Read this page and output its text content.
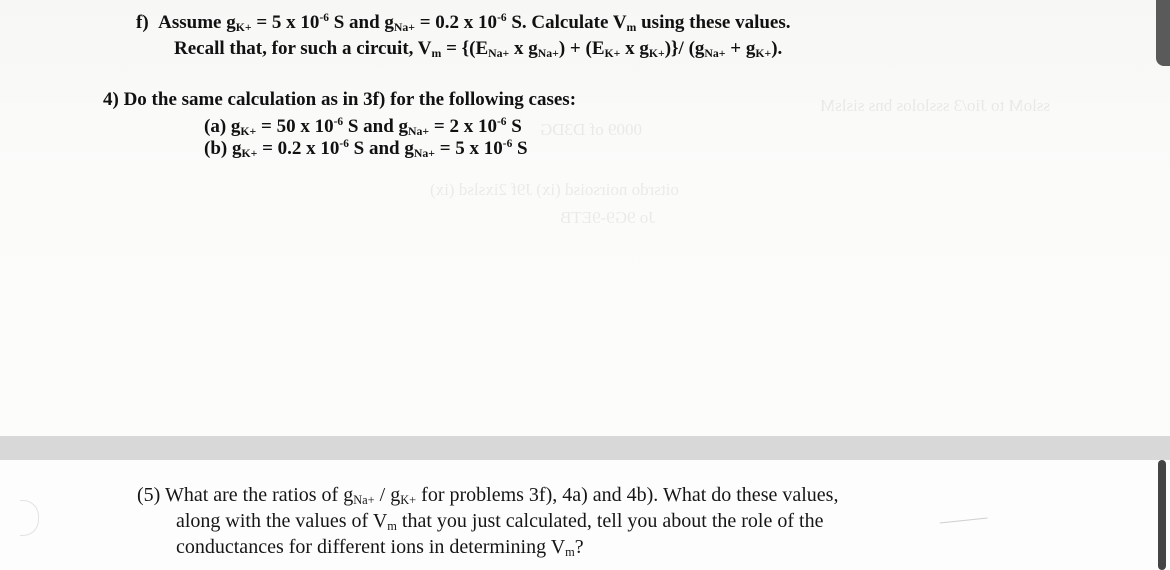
ssloM to Jio/3 ssslolos bns sislsM
0009 of D3DG
oitsrdo noirsoisd (ix) J9f 2ixslsd (ix)
Jo 9G9-9ETB
f) Assume $g_{K+} = 5$ x $10^{-6}$ S and $g_{Na+} = 0.2$ x $10^{-6}$ S. Calculate $V_m$ using these values.
Recall that, for such a circuit, $V_m = \{(E_{Na+}$ x $g_{Na+}) + (E_{K+}$ x $g_{K+})\}/$ $(g_{Na+} + g_{K+})$.
4) Do the same calculation as in 3f) for the following cases:
(a) $g_{K+} = 50$ x $10^{-6}$ S and $g_{Na+} = 2$ x $10^{-6}$ S
(b) $g_{K+} = 0.2$ x $10^{-6}$ S and $g_{Na+} = 5$ x $10^{-6}$ S
(5) What are the ratios of $g_{Na+} / g_{K+}$ for problems 3f), 4a) and 4b). What do these values,
along with the values of $V_m$ that you just calculated, tell you about the role of the
conductances for different ions in determining $V_m$?
